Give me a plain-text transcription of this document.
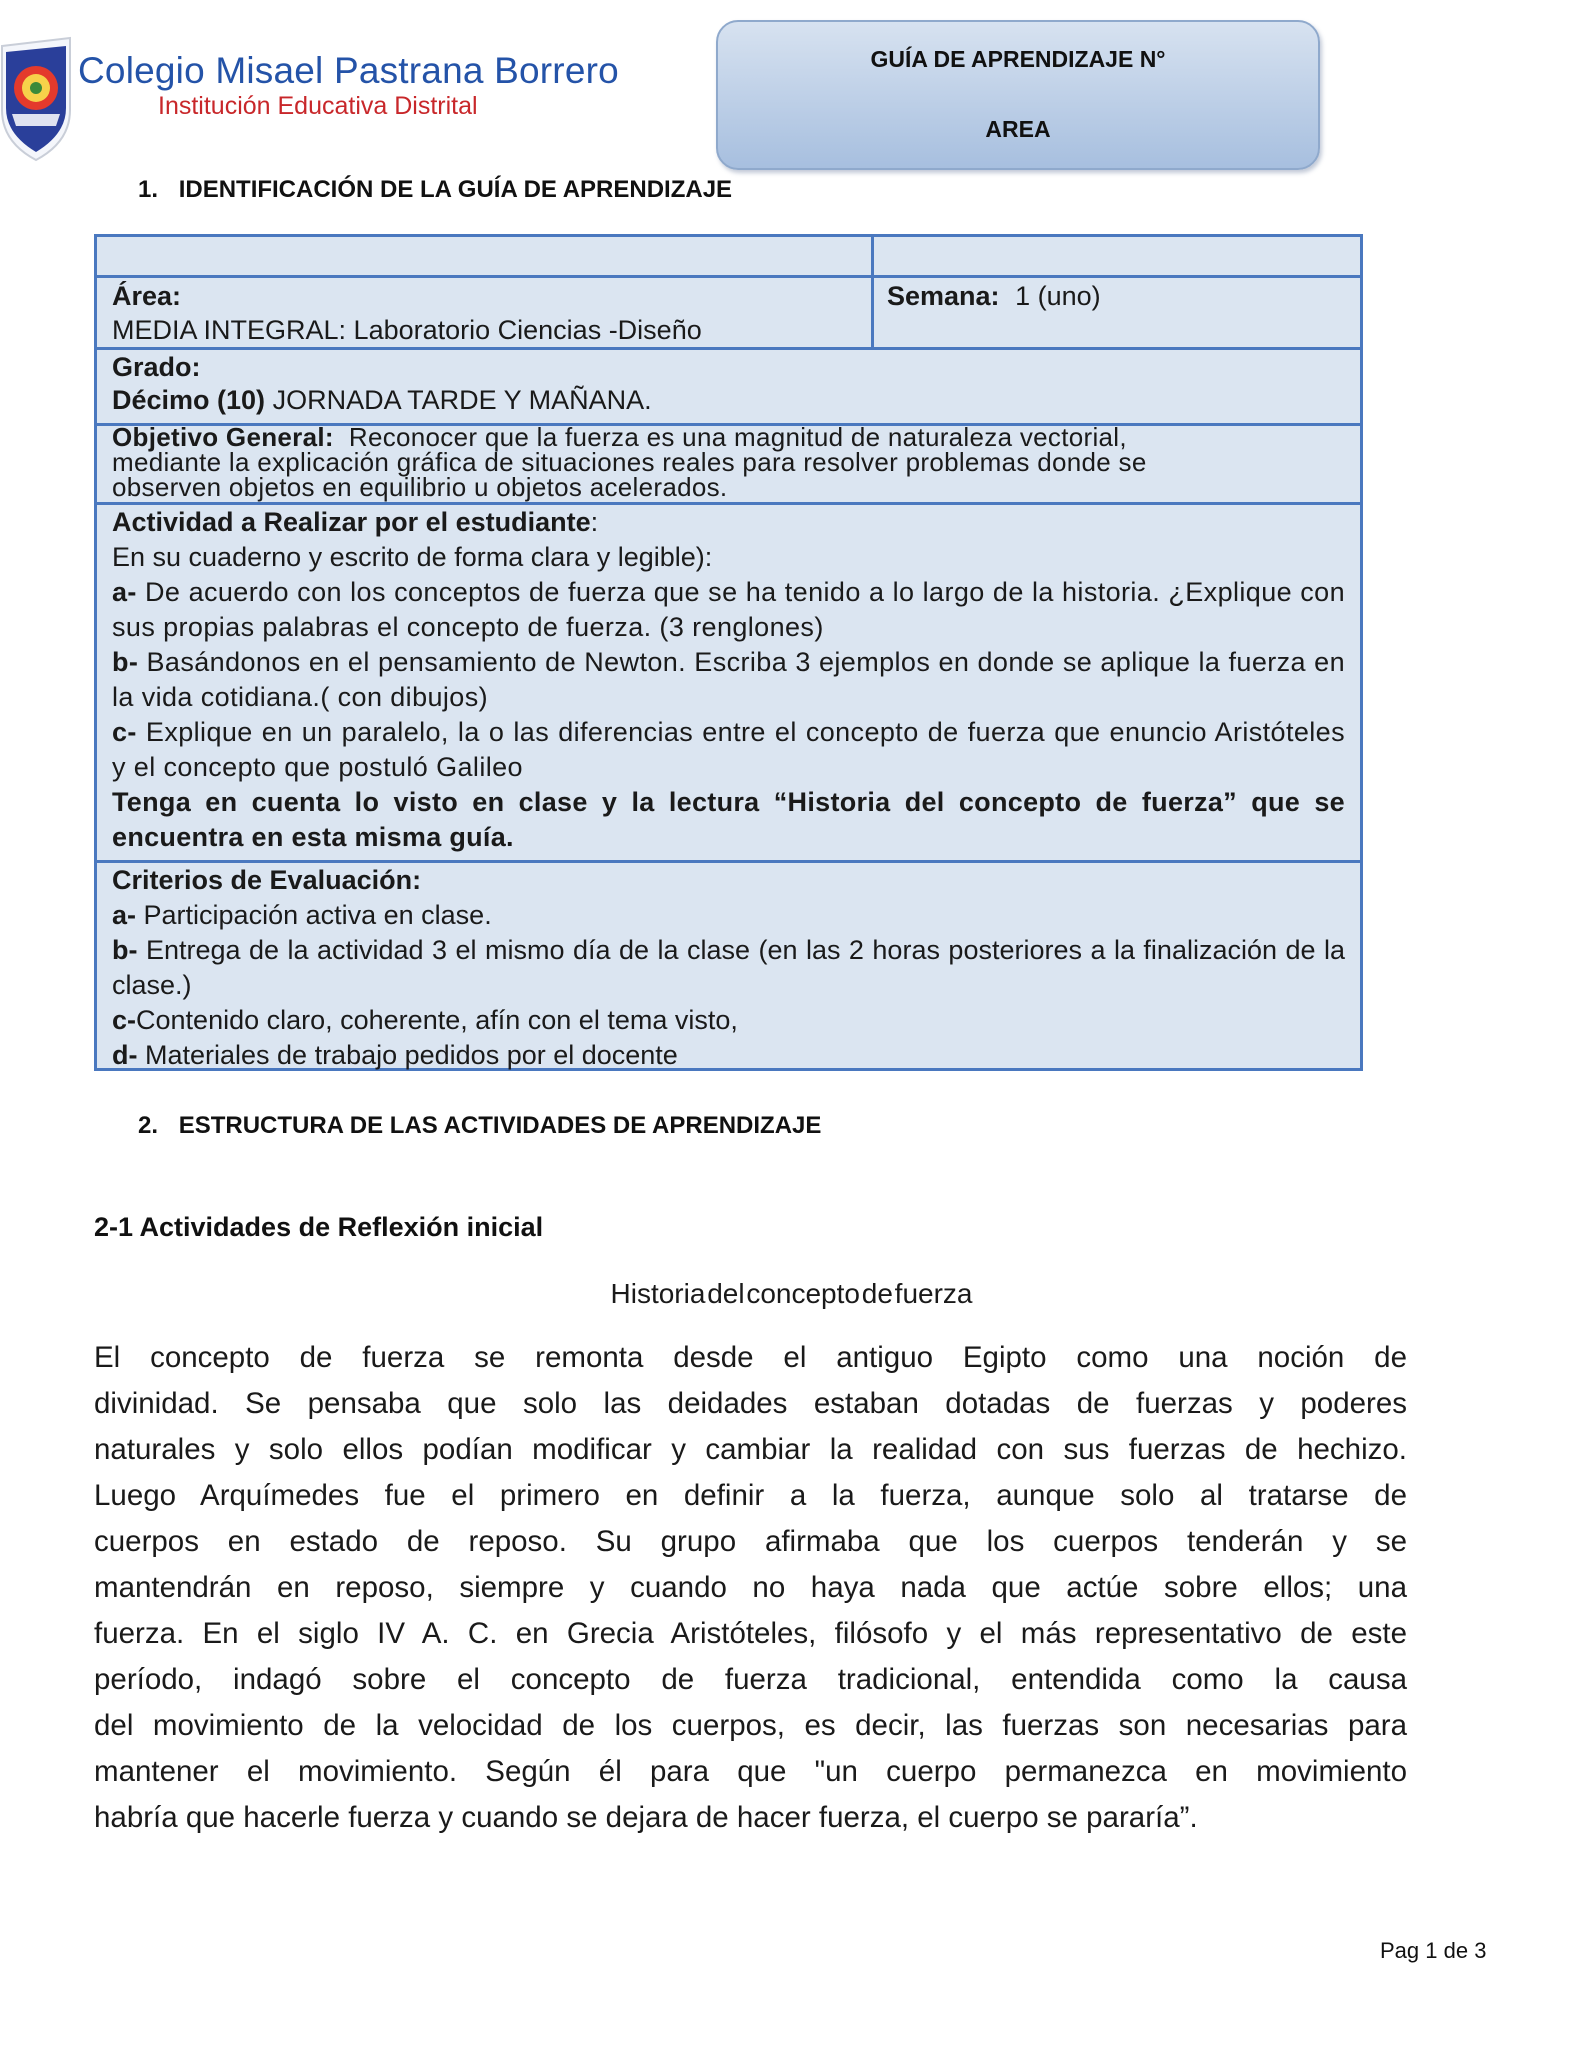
Colegio Misael Pastrana Borrero
Institución Educativa Distrital
GUÍA DE APRENDIZAJE N°
AREA
1. IDENTIFICACIÓN DE LA GUÍA DE APRENDIZAJE
Área:
MEDIA INTEGRAL: Laboratorio Ciencias -Diseño
Semana: 1 (uno)
Grado:
Décimo (10) JORNADA TARDE Y MAÑANA.
Objetivo General: Reconocer que la fuerza es una magnitud de naturaleza vectorial,
mediante la explicación gráfica de situaciones reales para resolver problemas donde se
observen objetos en equilibrio u objetos acelerados.
Actividad a Realizar por el estudiante:
En su cuaderno y escrito de forma clara y legible):
a- De acuerdo con los conceptos de fuerza que se ha tenido a lo largo de la historia. ¿Explique con sus propias palabras el concepto de fuerza. (3 renglones)
b- Basándonos en el pensamiento de Newton. Escriba 3 ejemplos en donde se aplique la fuerza en la vida cotidiana.( con dibujos)
c- Explique en un paralelo, la o las diferencias entre el concepto de fuerza que enuncio Aristóteles y el concepto que postuló Galileo
Tenga en cuenta lo visto en clase y la lectura “Historia del concepto de fuerza” que se encuentra en esta misma guía.
Criterios de Evaluación:
a- Participación activa en clase.
b- Entrega de la actividad 3 el mismo día de la clase (en las 2 horas posteriores a la finalización de la clase.)
c-Contenido claro, coherente, afín con el tema visto,
d- Materiales de trabajo pedidos por el docente
2. ESTRUCTURA DE LAS ACTIVIDADES DE APRENDIZAJE
2-1 Actividades de Reflexión inicial
Historia del concepto de fuerza
El concepto de fuerza se remonta desde el antiguo Egipto como una noción de
divinidad. Se pensaba que solo las deidades estaban dotadas de fuerzas y poderes
naturales y solo ellos podían modificar y cambiar la realidad con sus fuerzas de hechizo.
Luego Arquímedes fue el primero en definir a la fuerza, aunque solo al tratarse de
cuerpos en estado de reposo. Su grupo afirmaba que los cuerpos tenderán y se
mantendrán en reposo, siempre y cuando no haya nada que actúe sobre ellos; una
fuerza. En el siglo IV A. C. en Grecia Aristóteles, filósofo y el más representativo de este
período, indagó sobre el concepto de fuerza tradicional, entendida como la causa
del movimiento de la velocidad de los cuerpos, es decir, las fuerzas son necesarias para
mantener el movimiento. Según él para que "un cuerpo permanezca en movimiento
habría que hacerle fuerza y cuando se dejara de hacer fuerza, el cuerpo se pararía”.
Pag 1 de 3
